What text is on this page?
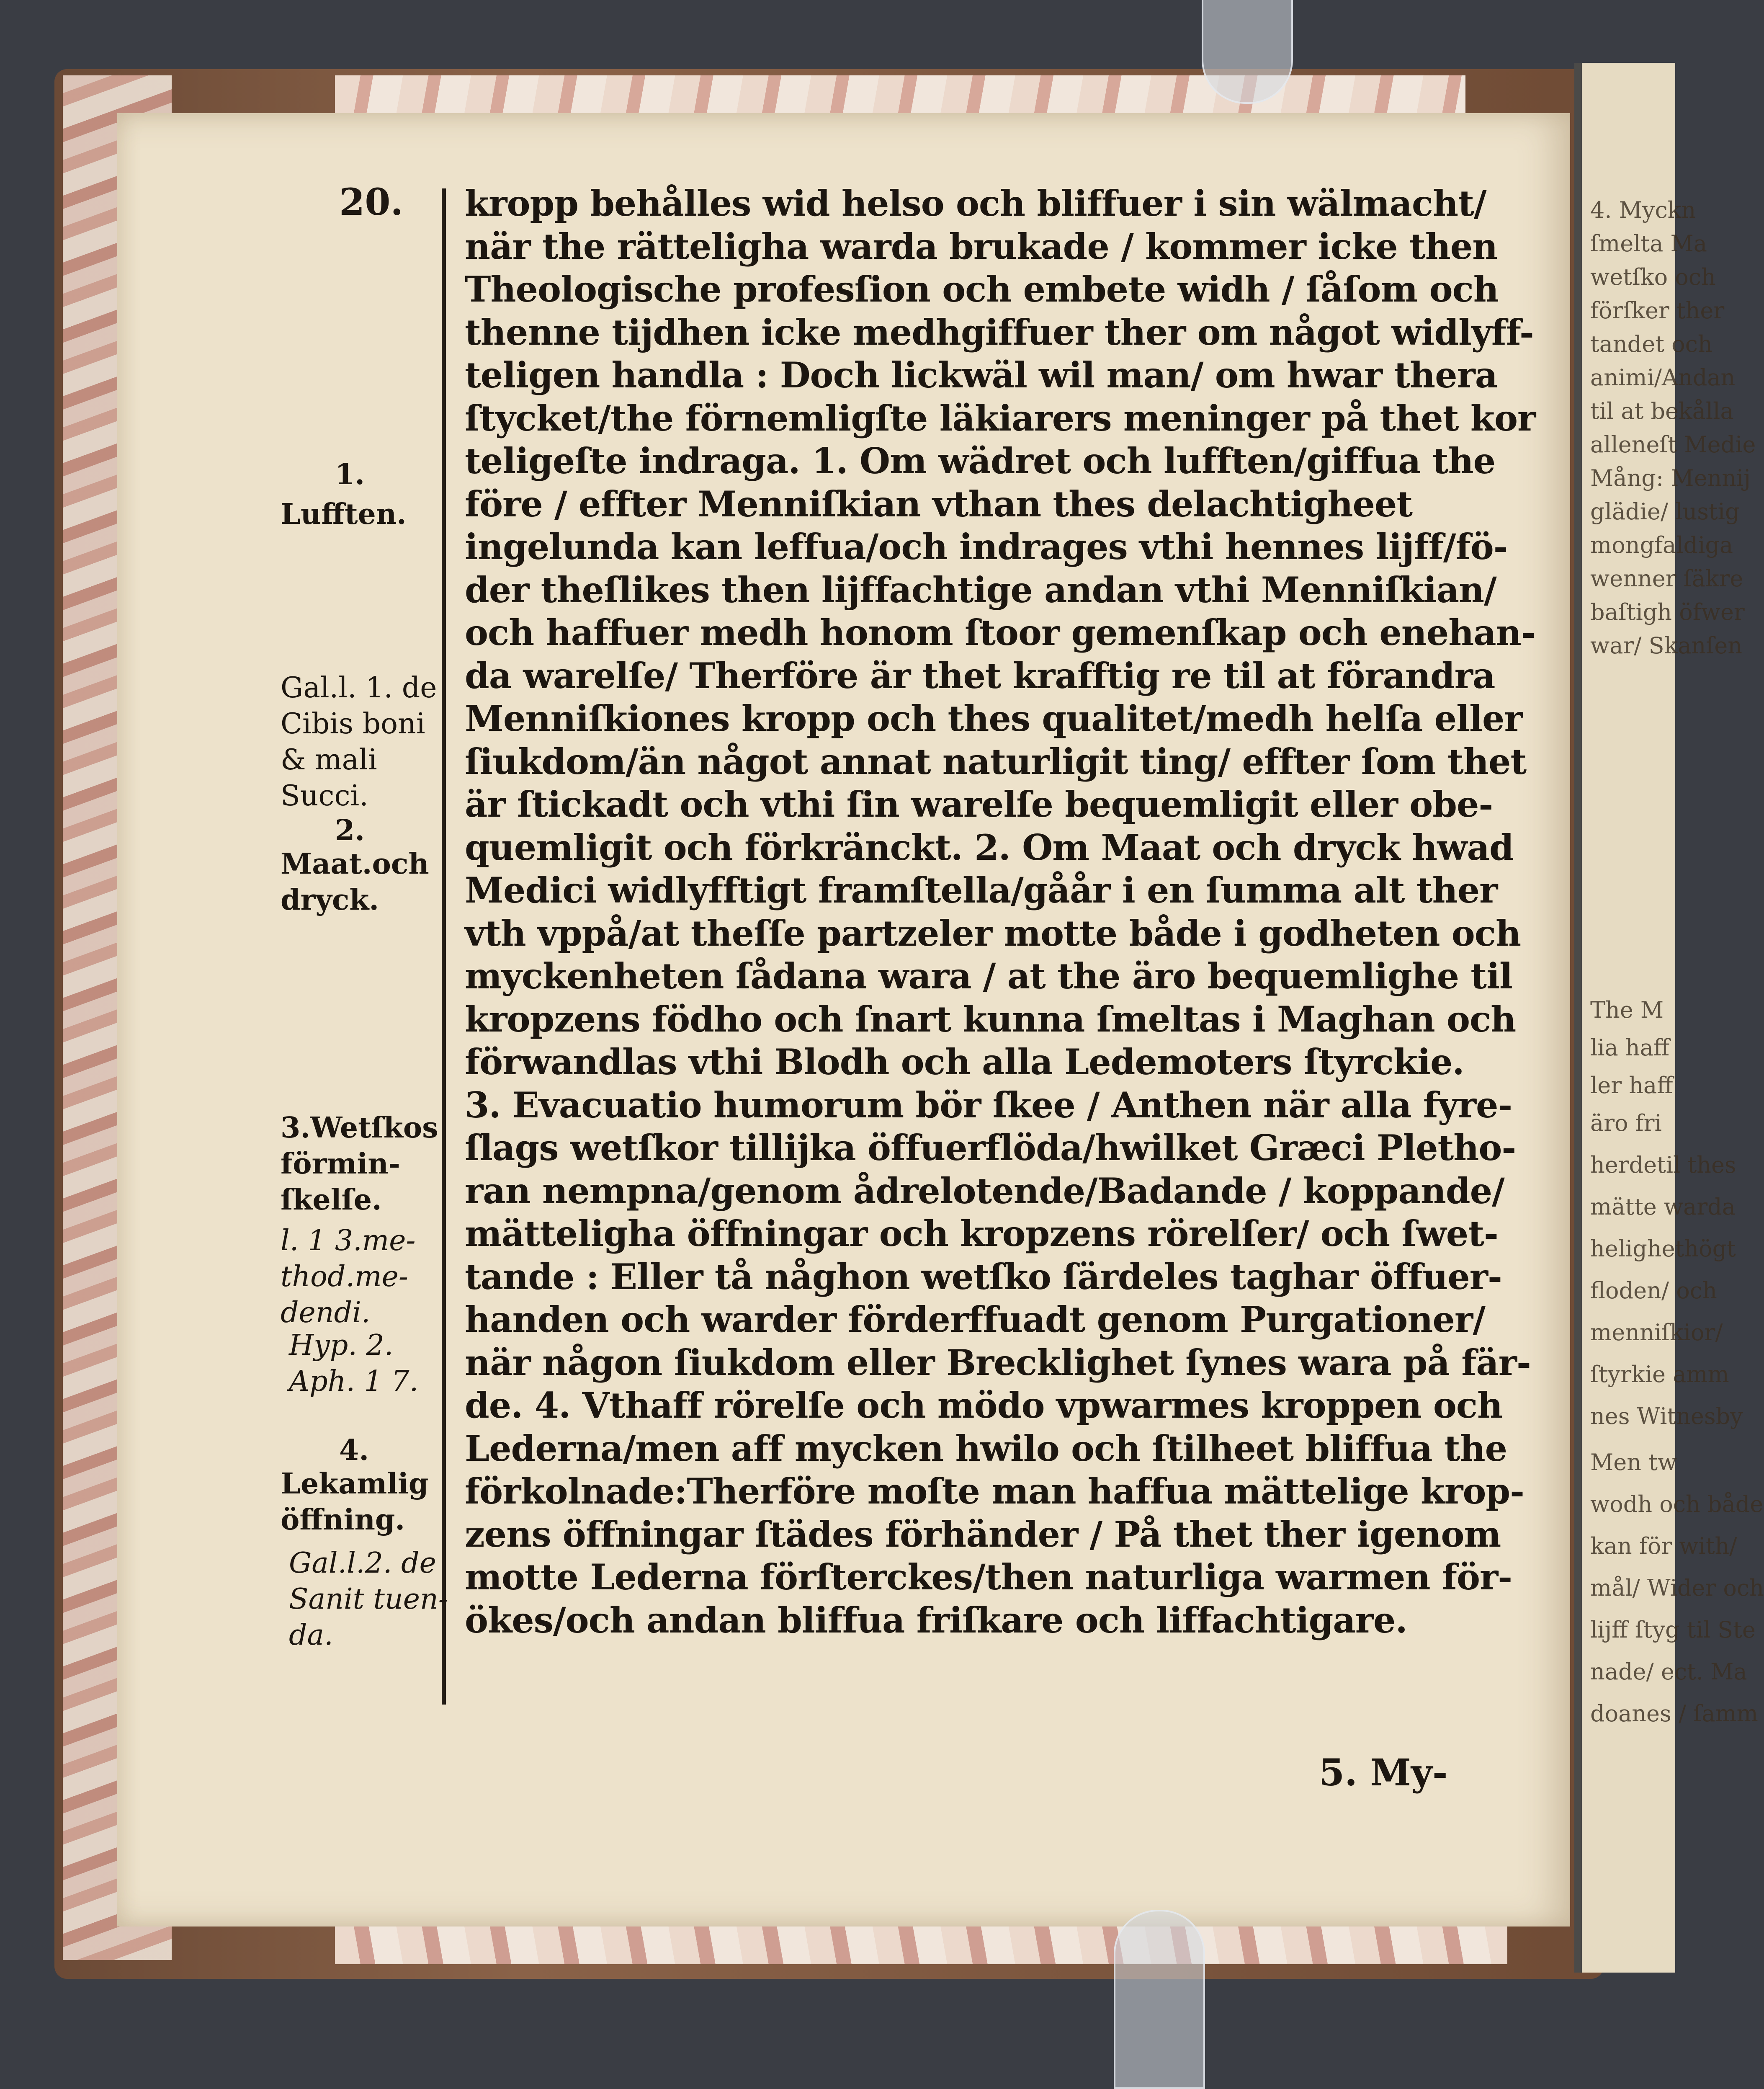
4. Myckn
ſmelta Ma
wetſko och
förſker ther
tandet och
animi/Andan
til at bekålla
alleneſt Medie
Mång: Mennij
glädie/ lustig
mongfaldiga
wenner ſäkre
baſtigh öfwer
war/ Skanſen
The M
lia haff
ler haff
äro fri
herdetil thes
mätte warda
helighethögt
floden/ och
menniſkior/
ſtyrkie amm
nes Witnesby
Men tw
wodh och både
kan för with/
mål/ Wider och
lijff ſtyg til Ste
nade/ ect. Ma
doanes / ſamm
20. kropp behålles wid helso och bliffuer i sin wälmacht/
när the rätteligha warda brukade / kommer icke then
Theologische profesſion och embete widh / ſåſom och
thenne tijdhen icke medhgiffuer ther om något widlyff-
teligen handla : Doch lickwäl wil man/ om hwar thera
ſtycket/the förnemligſte läkiarers meninger på thet kor
teligeſte indraga. 1. Om wädret och lufften/giffua the
före / effter Menniſkian vthan thes delachtigheet
ingelunda kan leffua/och indrages vthi hennes lijff/fö-
der theſlikes then lijffachtige andan vthi Menniſkian/
och haffuer medh honom ſtoor gemenſkap och enehan-
da warelſe/ Therföre är thet krafftig re til at förandra
Menniſkiones kropp och thes qualitet/medh helſa eller
ſiukdom/än något annat naturligit ting/ effter ſom thet
är ſtickadt och vthi ſin warelſe bequemligit eller obe-
quemligit och förkränckt. 2. Om Maat och dryck hwad
Medici widlyfftigt framſtella/gåår i en ſumma alt ther
vth vppå/at theſſe partzeler motte både i godheten och
myckenheten ſådana wara / at the äro bequemlighe til
kropzens födho och ſnart kunna ſmeltas i Maghan och
förwandlas vthi Blodh och alla Ledemoters ſtyrckie.
3. Evacuatio humorum bör ſkee / Anthen när alla fyre-
ſlags wetſkor tillijka öffuerflöda/hwilket Græci Pletho-
ran nempna/genom ådrelotende/Badande / koppande/
mätteligha öffningar och kropzens rörelſer/ och ſwet-
tande : Eller tå någhon wetſko ſärdeles taghar öffuer-
handen och warder förderffuadt genom Purgationer/
när någon ſiukdom eller Brecklighet ſynes wara på fär-
de. 4. Vthaff rörelſe och mödo vpwarmes kroppen och
Lederna/men aff mycken hwilo och ſtilheet bliffua the
förkolnade:Therföre moſte man haffua mättelige krop-
zens öffningar ſtädes förhänder / På thet ther igenom
motte Lederna förſterckes/then naturliga warmen för-
ökes/och andan bliffua friſkare och liffachtigare.
5. My-
1.
Lufften.
Gal.l. 1. de
Cibis boni
& mali
Succi.
2.
Maat.och
dryck.
3.Wetſkos
förmin-
ſkelſe.
l. 1 3.me-
thod.me-
dendi.
Hyp. 2.
Aph. 1 7.
4.
Lekamlig
öffning.
Gal.l.2. de
Sanit tuen-
da.
